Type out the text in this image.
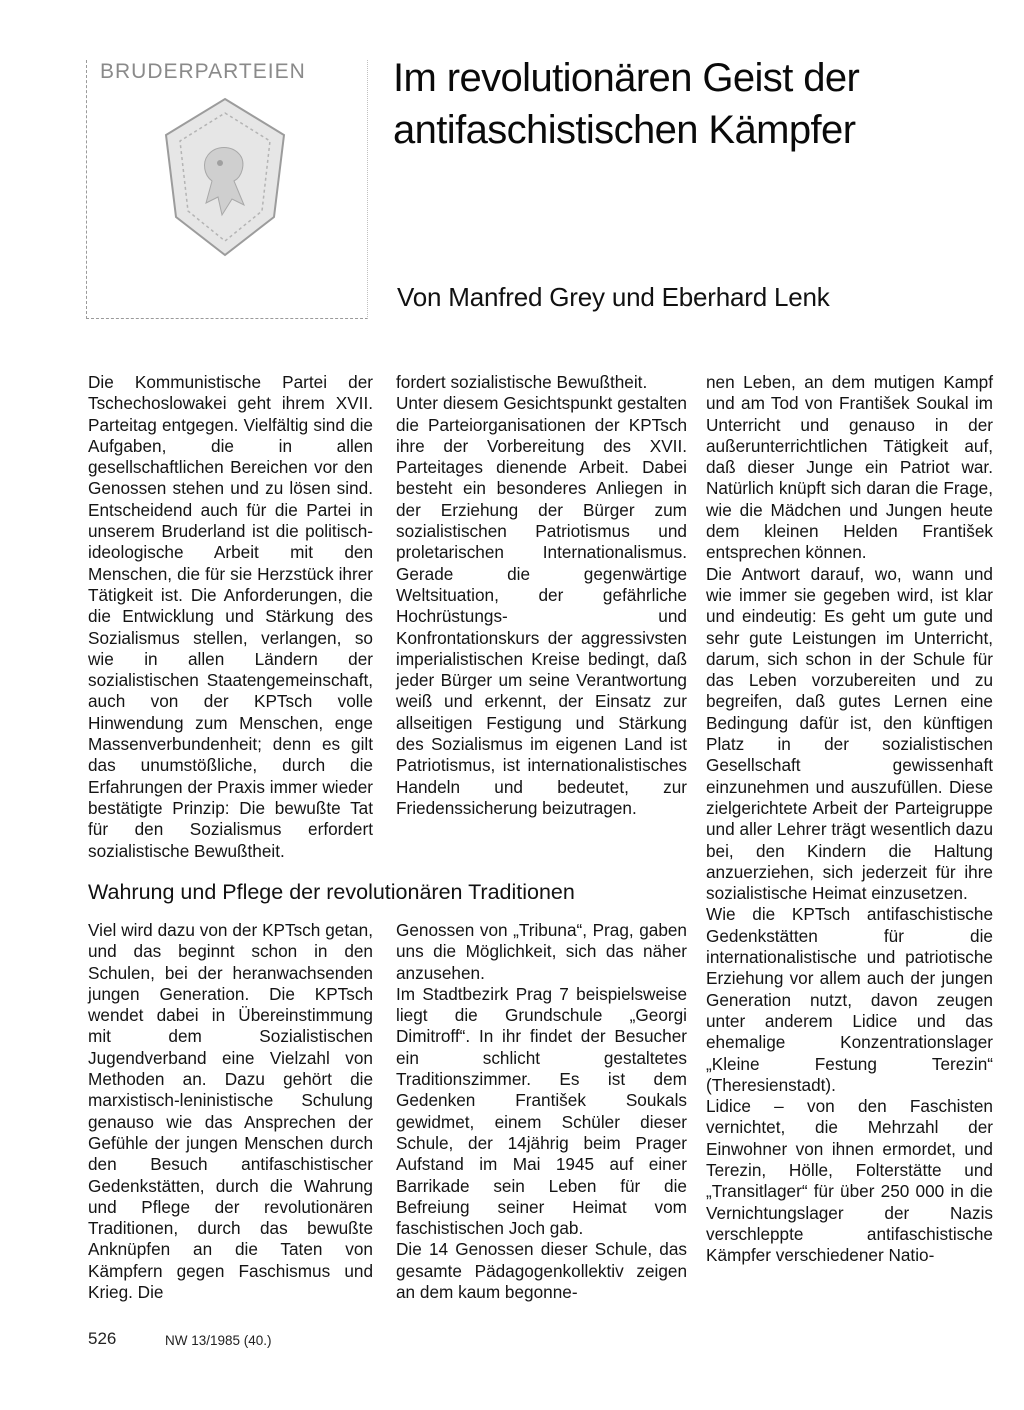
BRUDERPARTEIEN Im revolutionären Geist der
antifaschistischen Kämpfer
Von Manfred Grey und Eberhard Lenk

Die Kommunistische Partei der Tschechoslowakei geht ihrem XVII. Parteitag entgegen. Vielfältig sind die Aufgaben, die in allen gesellschaftlichen Bereichen vor den Genossen stehen und zu lösen sind. Entscheidend auch für die Partei in unserem Bruderland ist die politisch-ideologische Arbeit mit den Menschen, die für sie Herzstück ihrer Tätigkeit ist. Die Anforderungen, die die Entwicklung und Stärkung des Sozialismus stellen, verlangen, so wie in allen Ländern der sozialistischen Staatengemeinschaft, auch von der KPTsch volle Hinwendung zum Menschen, enge Massenverbundenheit; denn es gilt das unumstößliche, durch die Erfahrungen der Praxis immer wieder bestätigte Prinzip: Die bewußte Tat für den Sozialismus erfordert sozialistische Bewußtheit.

fordert sozialistische Bewußtheit.

Unter diesem Gesichtspunkt gestalten die Parteiorganisationen der KPTsch ihre der Vorbereitung des XVII. Parteitages dienende Arbeit. Dabei besteht ein besonderes Anliegen in der Erziehung der Bürger zum sozialistischen Patriotismus und proletarischen Internationalismus. Gerade die gegenwärtige Weltsituation, der gefährliche Hochrüstungs- und Konfrontationskurs der aggressivsten imperialistischen Kreise bedingt, daß jeder Bürger um seine Verantwortung weiß und erkennt, der Einsatz zur allseitigen Festigung und Stärkung des Sozialismus im eigenen Land ist Patriotismus, ist internationalistisches Handeln und bedeutet, zur Friedenssicherung beizutragen.

Wahrung und Pflege der revolutionären Traditionen

Viel wird dazu von der KPTsch getan, und das beginnt schon in den Schulen, bei der heranwachsenden jungen Generation. Die KPTsch wendet dabei in Übereinstimmung mit dem Sozialistischen Jugendverband eine Vielzahl von Methoden an. Dazu gehört die marxistisch-leninistische Schulung genauso wie das Ansprechen der Gefühle der jungen Menschen durch den Besuch antifaschistischer Gedenkstätten, durch die Wahrung und Pflege der revolutionären Traditionen, durch das bewußte Anknüpfen an die Taten von Kämpfern gegen Faschismus und Krieg. Die

Genossen von „Tribuna“, Prag, gaben uns die Möglichkeit, sich das näher anzusehen.

Im Stadtbezirk Prag 7 beispielsweise liegt die Grundschule „Georgi Dimitroff“. In ihr findet der Besucher ein schlicht gestaltetes Traditionszimmer. Es ist dem Gedenken František Soukals gewidmet, einem Schüler dieser Schule, der 14jährig beim Prager Aufstand im Mai 1945 auf einer Barrikade sein Leben für die Befreiung seiner Heimat vom faschistischen Joch gab.

Die 14 Genossen dieser Schule, das gesamte Pädagogenkollektiv zeigen an dem kaum begonne-

nen Leben, an dem mutigen Kampf und am Tod von František Soukal im Unterricht und genauso in der außerunterrichtlichen Tätigkeit auf, daß dieser Junge ein Patriot war. Natürlich knüpft sich daran die Frage, wie die Mädchen und Jungen heute dem kleinen Helden František entsprechen können.

Die Antwort darauf, wo, wann und wie immer sie gegeben wird, ist klar und eindeutig: Es geht um gute und sehr gute Leistungen im Unterricht, darum, sich schon in der Schule für das Leben vorzubereiten und zu begreifen, daß gutes Lernen eine Bedingung dafür ist, den künftigen Platz in der sozialistischen Gesellschaft gewissenhaft einzunehmen und auszufüllen. Diese zielgerichtete Arbeit der Parteigruppe und aller Lehrer trägt wesentlich dazu bei, den Kindern die Haltung anzuerziehen, sich jederzeit für ihre sozialistische Heimat einzusetzen.

Wie die KPTsch antifaschistische Gedenkstätten für die internationalistische und patriotische Erziehung vor allem auch der jungen Generation nutzt, davon zeugen unter anderem Lidice und das ehemalige Konzentrationslager „Kleine Festung Terezin“ (Theresienstadt).

Lidice – von den Faschisten vernichtet, die Mehrzahl der Einwohner von ihnen ermordet, und Terezin, Hölle, Folterstätte und „Transitlager“ für über 250 000 in die Vernichtungslager der Nazis verschleppte antifaschistische Kämpfer verschiedener Natio-

526	NW 13/1985 (40.)
